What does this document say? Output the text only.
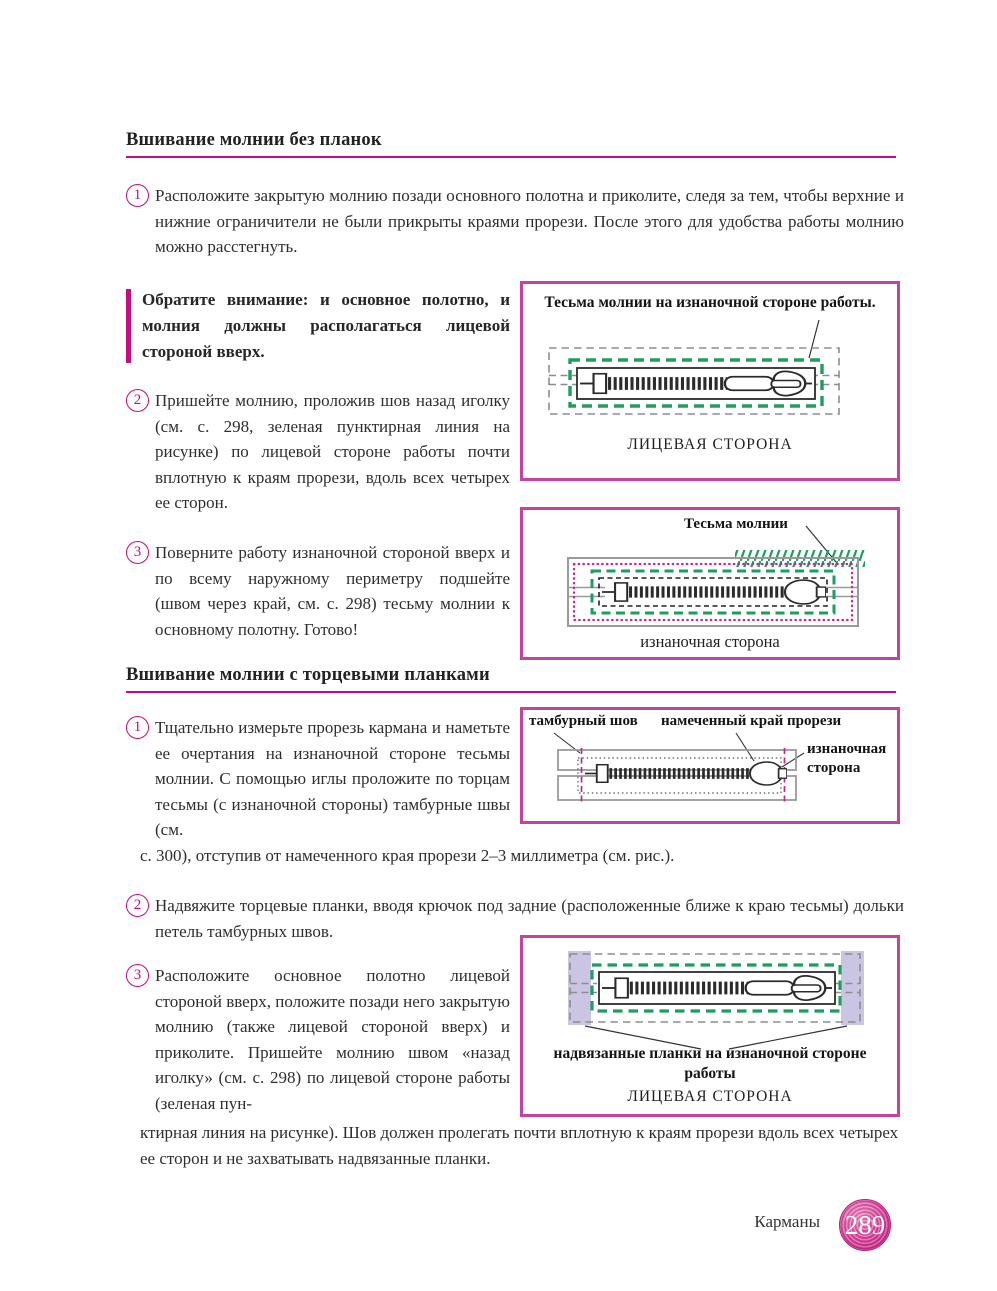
Вшивание молнии без планок
1 Расположите закрытую молнию позади основного полотна и приколите, следя за тем, чтобы верхние и нижние ограничители не были прикрыты краями прорези. После этого для удобства работы молнию можно расстегнуть.
Обратите внимание: и основное полотно, и молния должны располагаться лицевой стороной вверх.
2 Пришейте молнию, проложив шов назад иголку (см. с. 298, зеленая пунктирная линия на рисунке) по лицевой стороне работы почти вплотную к краям прорези, вдоль всех четырех ее сторон.
Тесьма молнии на изнаночной стороне работы.
ЛИЦЕВАЯ СТОРОНА
3 Поверните работу изнаночной стороной вверх и по всему наружному периметру подшейте (швом через край, см. с. 298) тесьму молнии к основному полотну. Готово!
Тесьма молнии
изнаночная сторона
Вшивание молнии с торцевыми планками
1 Тщательно измерьте прорезь кармана и наметьте ее очертания на изнаночной стороне тесьмы молнии. С помощью иглы проложите по торцам тесьмы (с изнаночной стороны) тамбурные швы (см.
с. 300), отступив от намеченного края прорези 2–3 миллиметра (см. рис.).
тамбурный шов намеченный край прорези
изнаночная сторона
2 Надвяжите торцевые планки, вводя крючок под задние (расположенные ближе к краю тесьмы) дольки петель тамбурных швов.
3 Расположите основное полотно лицевой стороной вверх, положите позади него закрытую молнию (также лицевой стороной вверх) и приколите. Пришейте молнию швом «назад иголку» (см. с. 298) по лицевой стороне работы (зеленая пун-
ктирная линия на рисунке). Шов должен пролегать почти вплотную к краям прорези вдоль всех четырех ее сторон и не захватывать надвязанные планки.
надвязанные планки на изнаночной стороне работы
ЛИЦЕВАЯ СТОРОНА
Карманы 289
